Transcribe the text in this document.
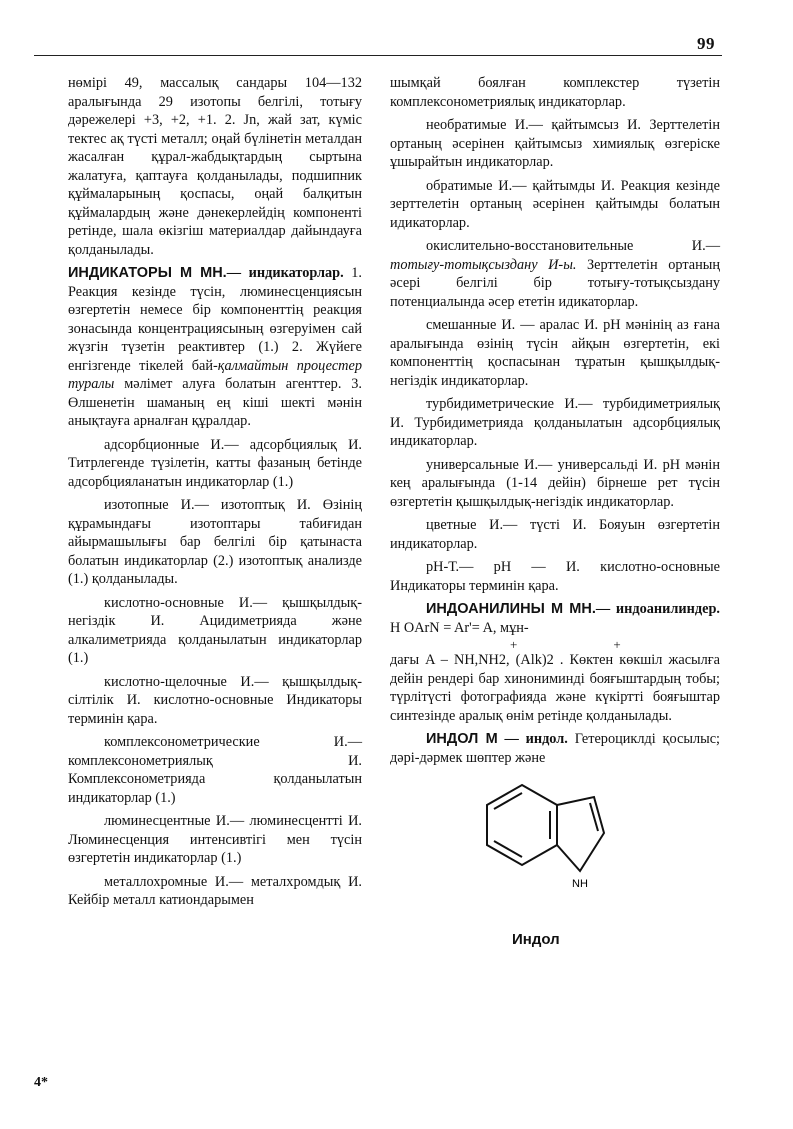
99

нөмірі 49, массалық сандары 104—132 аралығында 29 изотопы белгілі, тотығу дәрежелері +3, +2, +1. 2. Jn, жай зат, күміс тектес ақ түсті металл; оңай бүлінетін металдан жасалған құрал-жабдықтардың сыртына жалатуға, қаптауға қолданылады, подшипник құймаларының қоспасы, оңай балқитын құймалардың және дәнекерлейдің компоненті ретінде, шала өкізгіш материалдар дайындауға қолданылады.

ИНДИКАТОРЫ М МН.— индикаторлар. 1. Реакция кезінде түсін, люминесценциясын өзгертетін немесе бір компоненттің реакция зонасында концентрациясының өзгеруімен сай жүзгін түзетін реактивтер (1.) 2. Жүйеге енгізгенде тікелей бай-қалмайтын процестер туралы мәлімет алуға болатын агенттер. 3. Өлшенетін шаманың ең кіші шекті мәнін анықтауға арналған құралдар.

адсорбционные И.— адсорбциялық И. Титрлегенде түзілетін, катты фазаның бетінде адсорбцияланатын индикаторлар (1.)

изотопные И.— изотоптық И. Өзінің құрамындағы изотоптары табиғидан айырмашылығы бар белгілі бір қатынаста болатын индикаторлар (2.) изотоптық анализде (1.) қолданылады.

кислотно-основные И.— қышқылдық-негіздік И. Ацидиметрияда және алкалиметрияда қолданылатын индикаторлар (1.)

кислотно-щелочные И.— қышқылдық-сілтілік И. кислотно-основные Индикаторы терминін қара.

комплексонометрические И.— комплексонометриялық И. Комплексонометрияда қолданылатын индикаторлар (1.)

люминесцентные И.— люминесцентті И. Люминесценция интенсивтігі мен түсін өзгертетін индикаторлар (1.)

металлохромные И.— металхромдық И. Кейбір металл катиондарымен

шымқай боялған комплекстер түзетін комплексонометриялық индикаторлар.

необратимые И.— қайтымсыз И. Зерттелетін ортаның әсерінен қайтымсыз химиялық өзгеріске ұшырайтын индикаторлар.

обратимые И.— қайтымды И. Реакция кезінде зерттелетін ортаның әсерінен қайтымды болатын идикаторлар.

окислительно-восстановительные И.— тотығу-тотықсыздану И-ы. Зерттелетін ортаның әсері белгілі бір тотығу-тотықсыздану потенциалында әсер ететін идикаторлар.

смешанные И. — аралас И. рН мәнінің аз ғана аралығында өзінің түсін айқын өзгертетін, екі компоненттің қоспасынан тұратын қышқылдық-негіздік индикаторлар.

турбидиметрические И.— турбидиметриялық И. Турбидиметрияда қолданылатын адсорбциялық индикаторлар.

универсальные И.— универсальді И. рН мәнін кең аралығында (1-14 дейін) бірнеше рет түсін өзгертетін қышқылдық-негіздік индикаторлар.

цветные И.— түсті И. Бояуын өзгертетін индикаторлар.

рН-Т.— рН — И. кислотно-основные Индикаторы терминін қара.

ИНДОАНИЛИНЫ М МН.— индоанилиндер. Н ОArN = Ar'= A, мұн-

+	+

дағы A – NH,NH2, (Alk)2 . Көктен көкшіл жасылға дейін рендері бар хинониминді бояғыштардың тобы; түрлітүсті фотографияда және күкіртті бояғыштар синтезінде аралық өнім ретінде қолданылады.

ИНДОЛ М — индол. Гетероциклді қосылыс; дәрі-дәрмек шөптер және

NH
Индол
4*
